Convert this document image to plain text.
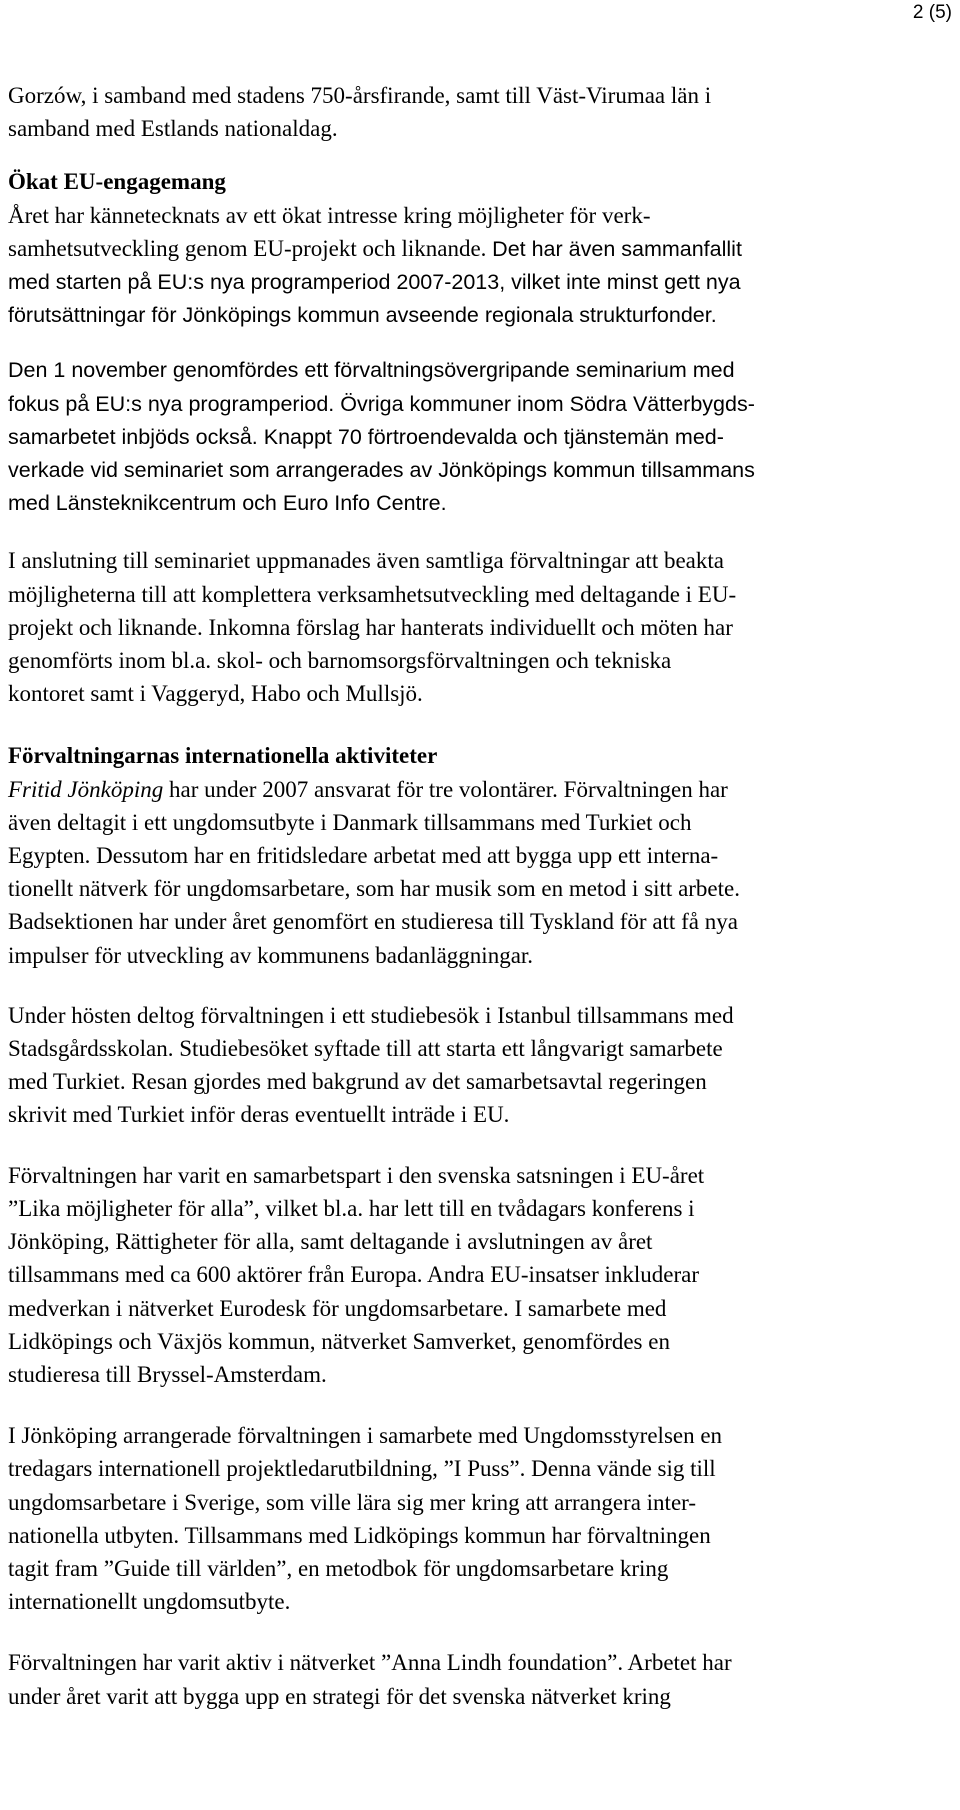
2 (5)
Gorzów, i samband med stadens 750-årsfirande, samt till Väst-Virumaa län i
samband med Estlands nationaldag.
Ökat EU-engagemang
Året har kännetecknats av ett ökat intresse kring möjligheter för verk-
samhetsutveckling genom EU-projekt och liknande. Det har även sammanfallit
med starten på EU:s nya programperiod 2007-2013, vilket inte minst gett nya
förutsättningar för Jönköpings kommun avseende regionala strukturfonder.
Den 1 november genomfördes ett förvaltningsövergripande seminarium med
fokus på EU:s nya programperiod. Övriga kommuner inom Södra Vätterbygds-
samarbetet inbjöds också. Knappt 70 förtroendevalda och tjänstemän med-
verkade vid seminariet som arrangerades av Jönköpings kommun tillsammans
med Länsteknikcentrum och Euro Info Centre.
I anslutning till seminariet uppmanades även samtliga förvaltningar att beakta
möjligheterna till att komplettera verksamhetsutveckling med deltagande i EU-
projekt och liknande. Inkomna förslag har hanterats individuellt och möten har
genomförts inom bl.a. skol- och barnomsorgsförvaltningen och tekniska
kontoret samt i Vaggeryd, Habo och Mullsjö.
Förvaltningarnas internationella aktiviteter
Fritid Jönköping har under 2007 ansvarat för tre volontärer. Förvaltningen har
även deltagit i ett ungdomsutbyte i Danmark tillsammans med Turkiet och
Egypten. Dessutom har en fritidsledare arbetat med att bygga upp ett interna-
tionellt nätverk för ungdomsarbetare, som har musik som en metod i sitt arbete.
Badsektionen har under året genomfört en studieresa till Tyskland för att få nya
impulser för utveckling av kommunens badanläggningar.
Under hösten deltog förvaltningen i ett studiebesök i Istanbul tillsammans med
Stadsgårdsskolan. Studiebesöket syftade till att starta ett långvarigt samarbete
med Turkiet. Resan gjordes med bakgrund av det samarbetsavtal regeringen
skrivit med Turkiet inför deras eventuellt inträde i EU.
Förvaltningen har varit en samarbetspart i den svenska satsningen i EU-året
”Lika möjligheter för alla”, vilket bl.a. har lett till en tvådagars konferens i
Jönköping, Rättigheter för alla, samt deltagande i avslutningen av året
tillsammans med ca 600 aktörer från Europa. Andra EU-insatser inkluderar
medverkan i nätverket Eurodesk för ungdomsarbetare. I samarbete med
Lidköpings och Växjös kommun, nätverket Samverket, genomfördes en
studieresa till Bryssel-Amsterdam.
I Jönköping arrangerade förvaltningen i samarbete med Ungdomsstyrelsen en
tredagars internationell projektledarutbildning, ”I Puss”. Denna vände sig till
ungdomsarbetare i Sverige, som ville lära sig mer kring att arrangera inter-
nationella utbyten. Tillsammans med Lidköpings kommun har förvaltningen
tagit fram ”Guide till världen”, en metodbok för ungdomsarbetare kring
internationellt ungdomsutbyte.
Förvaltningen har varit aktiv i nätverket ”Anna Lindh foundation”. Arbetet har
under året varit att bygga upp en strategi för det svenska nätverket kring
